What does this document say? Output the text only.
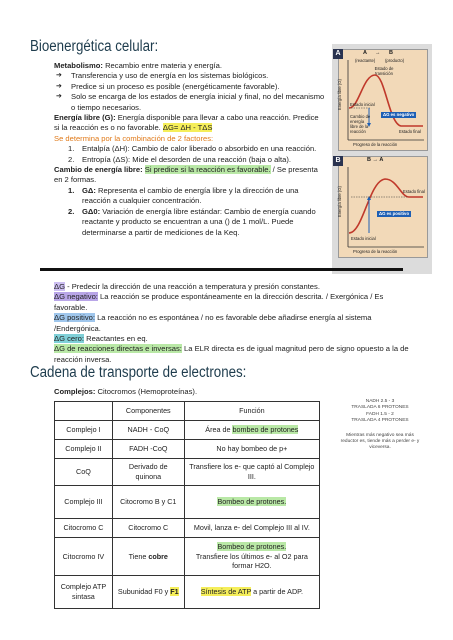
Bioenergética celular:
Metabolismo: Recambio entre materia y energía.
➔ Transferencia y uso de energía en los sistemas biológicos.
➔ Predice si un proceso es posible (energéticamente favorable).
➔ Solo se encarga de los estados de energía inicial y final, no del mecanismo o tiempo necesarios.
Energía libre (G): Energía disponible para llevar a cabo una reacción. Predice si la reacción es o no favorable. ΔG= ΔH - TΔS
Se determina por la combinación de 2 factores:
1. Entalpía (ΔH): Cambio de calor liberado o absorbido en una reacción.
2. Entropía (ΔS): Mide el desorden de una reacción (baja o alta).
Cambio de energía libre: Si predice si la reacción es favorable. / Se presenta en 2 formas.
1. GΔ: Representa el cambio de energía libre y la dirección de una reacción a cualquier concentración.
2. GΔ0: Variación de energía libre estándar: Cambio de energía cuando reactante y producto se encuentran a una () de 1 mol/L. Puede determinarse a partir de mediciones de la Keq.
A	A → B
(reactante) (producto)
Estado de transición
Energía libre (G) Estado inicial
Cambio de energía libre de la reacción
ΔG es negativo
Estado final
Progreso de la reacción
B	B → A
Energía libre (G)	Estado final
ΔG es positivo
Estado inicial
Progreso de la reacción
ΔG - Predecir la dirección de una reacción a temperatura y presión constantes.
ΔG negativo: La reacción se produce espontáneamente en la dirección descrita. / Exergónica / Es favorable.
ΔG positivo: La reacción no es espontánea / no es favorable debe añadirse energía al sistema /Endergónica.
ΔG cero: Reactantes en eq.
ΔG de reacciones directas e inversas: La ELR directa es de igual magnitud pero de signo opuesto a la de reacción inversa.
Cadena de transporte de electrones:
Complejos: Citocromos (Hemoproteínas).
	Componentes	Función
Complejo I	NADH - CoQ	Área de bombeo de protones
Complejo II	FADH -CoQ	No hay bombeo de p+
CoQ	Derivado de quinona	Transfiere los e- que captó al Complejo III.
Complejo III	Citocromo B y C1	Bombeo de protones.
Citocromo C	Citocromo C	Movil, lanza e- del Complejo III al IV.
Citocromo IV	Tiene cobre	Bombeo de protones.
Transfiere los últimos e- al O2 para formar H2O.
Complejo ATP sintasa	Subunidad F0 y F1	Síntesis de ATP a partir de ADP.
NADH 2.5 - 3
TRASLADA 6 PROTONES
FADH 1.5 - 2
TRASLADA 4 PROTONES
Mientras más negativo sea más reductor es, tiende más a perder e- y viceversa.
